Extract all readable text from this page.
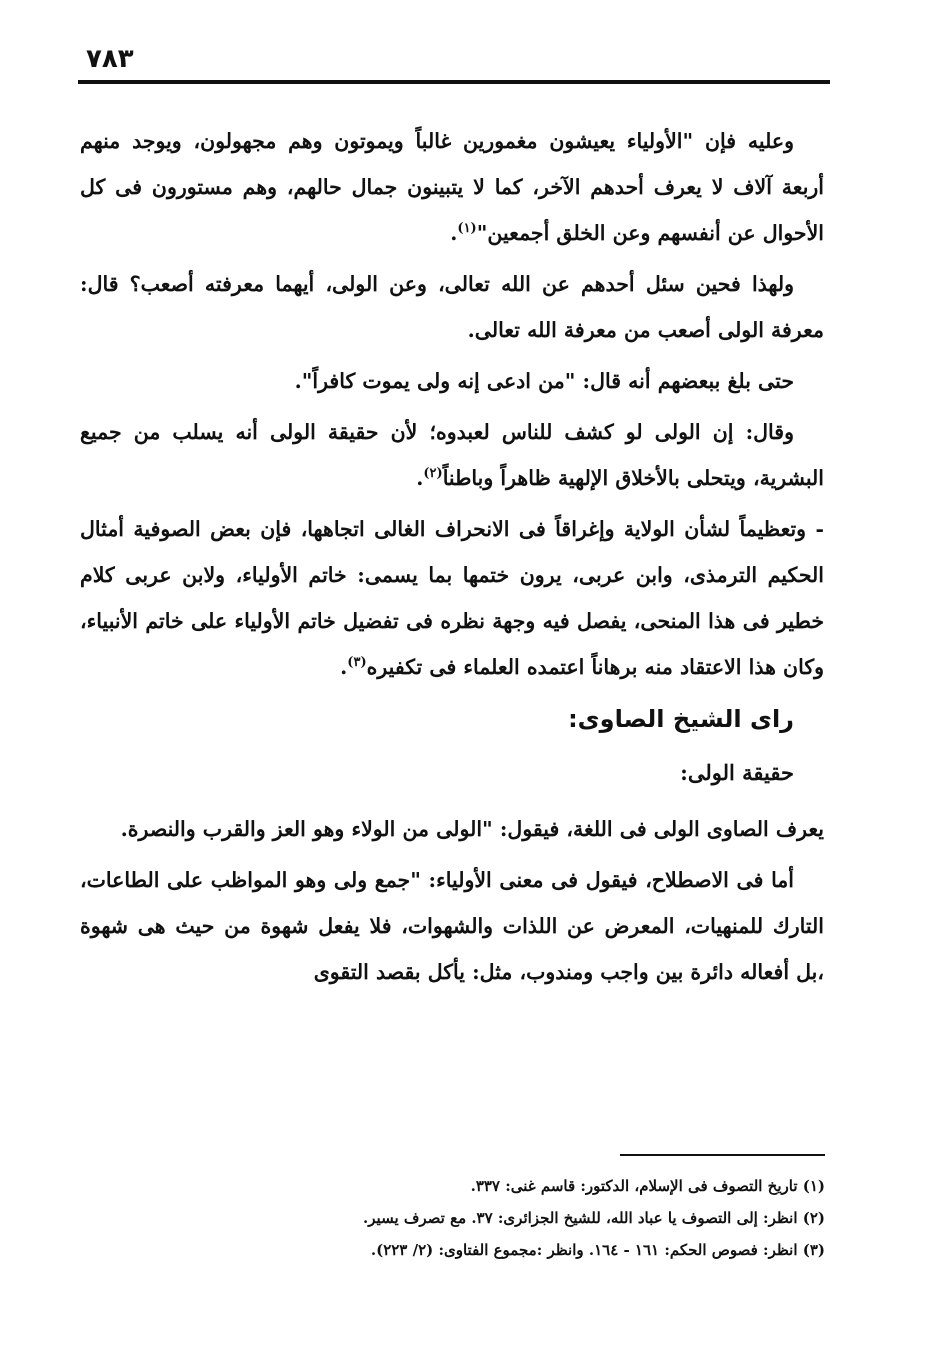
٧٨٣

وعليه فإن "الأولياء يعيشون مغمورين غالباً ويموتون وهم مجهولون، ويوجد منهم أربعة آلاف لا يعرف أحدهم الآخر، كما لا يتبينون جمال حالهم، وهم مستورون فى كل الأحوال عن أنفسهم وعن الخلق أجمعين"$^{(١)}$.

ولهذا فحين سئل أحدهم عن الله تعالى، وعن الولى، أيهما معرفته أصعب؟ قال: معرفة الولى أصعب من معرفة الله تعالى.

حتى بلغ ببعضهم أنه قال: "من ادعى إنه ولى يموت كافراً".

وقال: إن الولى لو كشف للناس لعبدوه؛ لأن حقيقة الولى أنه يسلب من جميع البشرية، ويتحلى بالأخلاق الإلهية ظاهراً وباطناً$^{(٢)}$.

- وتعظيماً لشأن الولاية وإغراقاً فى الانحراف الغالى اتجاهها، فإن بعض الصوفية أمثال الحكيم الترمذى، وابن عربى، يرون ختمها بما يسمى: خاتم الأولياء، ولابن عربى كلام خطير فى هذا المنحى، يفصل فيه وجهة نظره فى تفضيل خاتم الأولياء على خاتم الأنبياء، وكان هذا الاعتقاد منه برهاناً اعتمده العلماء فى تكفيره$^{(٣)}$.

راى الشيخ الصاوى:
حقيقة الولى:

يعرف الصاوى الولى فى اللغة، فيقول: "الولى من الولاء وهو العز والقرب والنصرة.

أما فى الاصطلاح، فيقول فى معنى الأولياء: "جمع ولى وهو المواظب على الطاعات، التارك للمنهيات، المعرض عن اللذات والشهوات، فلا يفعل شهوة من حيث هى شهوة ،بل أفعاله دائرة بين واجب ومندوب، مثل: يأكل بقصد التقوى

(١) تاريخ التصوف فى الإسلام، الدكتور: قاسم غنى: ٣٣٧.

(٢) انظر: إلى التصوف يا عباد الله، للشيخ الجزائرى: ٣٧. مع تصرف يسير.

(٣) انظر: فصوص الحكم: ١٦١ - ١٦٤. وانظر :مجموع الفتاوى: (٢/ ٢٢٣).
